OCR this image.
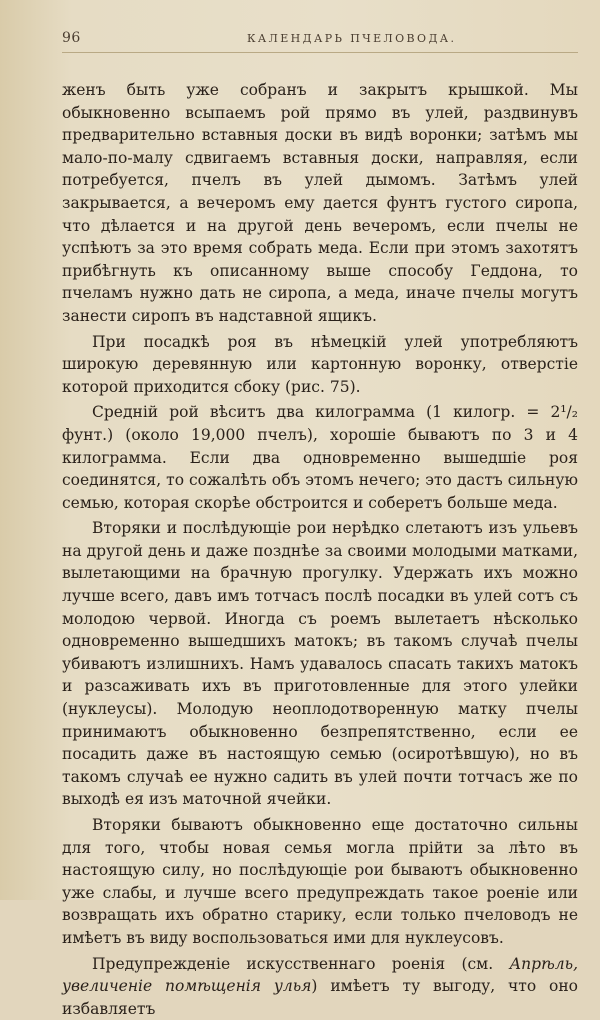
96	КАЛЕНДАРЬ ПЧЕЛОВОДА.

женъ быть уже собранъ и закрытъ крышкой. Мы обыкновенно всыпаемъ рой прямо въ улей, раздвинувъ предварительно вставныя доски въ видѣ воронки; затѣмъ мы мало-по-малу сдвигаемъ вставныя доски, направляя, если потребуется, пчелъ въ улей дымомъ. Затѣмъ улей закрывается, а вечеромъ ему дается фунтъ густого сиропа, что дѣлается и на другой день вечеромъ, если пчелы не успѣютъ за это время собрать меда. Если при этомъ захотятъ прибѣгнуть къ описанному выше способу Геддона, то пчеламъ нужно дать не сиропа, а меда, иначе пчелы могутъ занести сиропъ въ надставной ящикъ.

При посадкѣ роя въ нѣмецкій улей употребляютъ широкую деревянную или картонную воронку, отверстіе которой приходится сбоку (рис. 75).

Средній рой вѣситъ два килограмма (1 килогр. = 2¹/₂ фунт.) (около 19,000 пчелъ), хорошіе бываютъ по 3 и 4 килограмма. Если два одновременно вышедшіе роя соединятся, то сожалѣть объ этомъ нечего; это дастъ сильную семью, которая скорѣе обстроится и соберетъ больше меда.

Вторяки и послѣдующіе рои нерѣдко слетаютъ изъ ульевъ на другой день и даже позднѣе за своими молодыми матками, вылетающими на брачную прогулку. Удержать ихъ можно лучше всего, давъ имъ тотчасъ послѣ посадки въ улей сотъ съ молодою червой. Иногда съ роемъ вылетаетъ нѣсколько одновременно вышедшихъ матокъ; въ такомъ случаѣ пчелы убиваютъ излишнихъ. Намъ удавалось спасать такихъ матокъ и разсаживать ихъ въ приготовленные для этого улейки (нуклеусы). Молодую неоплодотворенную матку пчелы принимаютъ обыкновенно безпрепятственно, если ее посадить даже въ настоящую семью (осиротѣвшую), но въ такомъ случаѣ ее нужно садить въ улей почти тотчасъ же по выходѣ ея изъ маточной ячейки.

Вторяки бываютъ обыкновенно еще достаточно сильны для того, чтобы новая семья могла прійти за лѣто въ настоящую силу, но послѣдующіе рои бываютъ обыкновенно уже слабы, и лучше всего предупреждать такое роеніе или возвращать ихъ обратно старику, если только пчеловодъ не имѣетъ въ виду воспользоваться ими для нуклеусовъ.

Предупрежденіе искусственнаго роенія (см. Апрѣль, увеличеніе помѣщенія улья) имѣетъ ту выгоду, что оно избавляетъ
